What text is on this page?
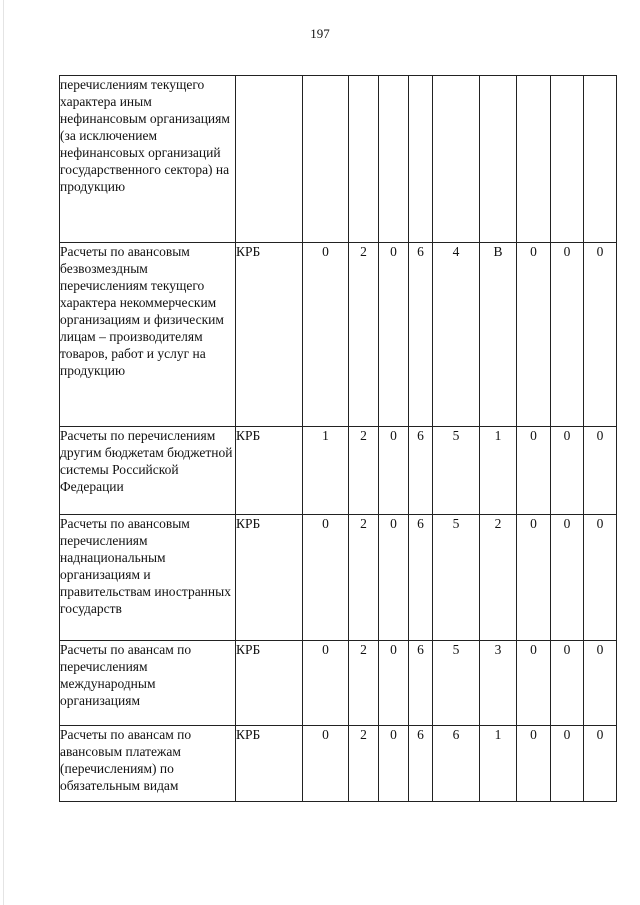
197
перечислениям текущего характера иным нефинансовым организациям (за исключением нефинансовых организаций государственного сектора) на продукцию										
Расчеты по авансовым безвозмездным перечислениям текущего характера некоммерческим организациям и физическим лицам – производителям товаров, работ и услуг на продукцию	КРБ	0	2	0	6	4	В	0	0	0
Расчеты по перечислениям другим бюджетам бюджетной системы Российской Федерации	КРБ	1	2	0	6	5	1	0	0	0
Расчеты по авансовым перечислениям наднациональным организациям и правительствам иностранных государств	КРБ	0	2	0	6	5	2	0	0	0
Расчеты по авансам по перечислениям международным организациям	КРБ	0	2	0	6	5	3	0	0	0
Расчеты по авансам по авансовым платежам (перечислениям) по обязательным видам	КРБ	0	2	0	6	6	1	0	0	0
